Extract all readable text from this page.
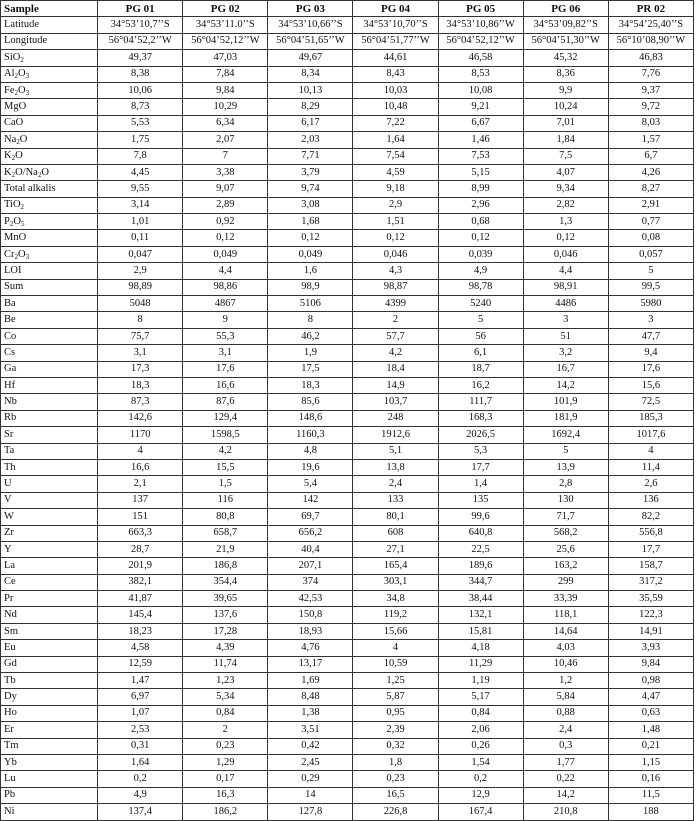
Sample	PG 01	PG 02	PG 03	PG 04	PG 05	PG 06	PR 02
Latitude	34°53’10,7’’S	34°53’11.0’’S	34°53’10,66’’S	34°53’10,70’’S	34°53’10,86’’W	34°53’09,82’’S	34°54’25,40’’S
Longitude	56°04’52,2’’W	56°04’52,12’’W	56°04’51,65’’W	56°04’51,77’’W	56°04’52,12’’W	56°04’51,30’’W	56°10’08,90’’W
SiO$_2$	49,37	47,03	49,67	44,61	46,58	45,32	46,83
$Al_2O_3$	8,38	7,84	8,34	8,43	8,53	8,36	7,76
$Fe_2O_3$	10,06	9,84	10,13	10,03	10,08	9,9	9,37
MgO	8,73	10,29	8,29	10,48	9,21	10,24	9,72
CaO	5,53	6,34	6,17	7,22	6,67	7,01	8,03
$Na_2O$	1,75	2,07	2,03	1,64	1,46	1,84	1,57
$K_2O$	7,8	7	7,71	7,54	7,53	7,5	6,7
$K_2O/Na_2O$	4,45	3,38	3,79	4,59	5,15	4,07	4,26
Total alkalis	9,55	9,07	9,74	9,18	8,99	9,34	8,27
TiO$_2$	3,14	2,89	3,08	2,9	2,96	2,82	2,91
$P_2O_5$	1,01	0,92	1,68	1,51	0,68	1,3	0,77
MnO	0,11	0,12	0,12	0,12	0,12	0,12	0,08
$Cr_2O_3$	0,047	0,049	0,049	0,046	0,039	0,046	0,057
LOI	2,9	4,4	1,6	4,3	4,9	4,4	5
Sum	98,89	98,86	98,9	98,87	98,78	98,91	99,5
Ba	5048	4867	5106	4399	5240	4486	5980
Be	8	9	8	2	5	3	3
Co	75,7	55,3	46,2	57,7	56	51	47,7
Cs	3,1	3,1	1,9	4,2	6,1	3,2	9,4
Ga	17,3	17,6	17,5	18,4	18,7	16,7	17,6
Hf	18,3	16,6	18,3	14,9	16,2	14,2	15,6
Nb	87,3	87,6	85,6	103,7	111,7	101,9	72,5
Rb	142,6	129,4	148,6	248	168,3	181,9	185,3
Sr	1170	1598,5	1160,3	1912,6	2026,5	1692,4	1017,6
Ta	4	4,2	4,8	5,1	5,3	5	4
Th	16,6	15,5	19,6	13,8	17,7	13,9	11,4
U	2,1	1,5	5,4	2,4	1,4	2,8	2,6
V	137	116	142	133	135	130	136
W	151	80,8	69,7	80,1	99,6	71,7	82,2
Zr	663,3	658,7	656,2	608	640,8	568,2	556,8
Y	28,7	21,9	40,4	27,1	22,5	25,6	17,7
La	201,9	186,8	207,1	165,4	189,6	163,2	158,7
Ce	382,1	354,4	374	303,1	344,7	299	317,2
Pr	41,87	39,65	42,53	34,8	38,44	33,39	35,59
Nd	145,4	137,6	150,8	119,2	132,1	118,1	122,3
Sm	18,23	17,28	18,93	15,66	15,81	14,64	14,91
Eu	4,58	4,39	4,76	4	4,18	4,03	3,93
Gd	12,59	11,74	13,17	10,59	11,29	10,46	9,84
Tb	1,47	1,23	1,69	1,25	1,19	1,2	0,98
Dy	6,97	5,34	8,48	5,87	5,17	5,84	4,47
Ho	1,07	0,84	1,38	0,95	0,84	0,88	0,63
Er	2,53	2	3,51	2,39	2,06	2,4	1,48
Tm	0,31	0,23	0,42	0,32	0,26	0,3	0,21
Yb	1,64	1,29	2,45	1,8	1,54	1,77	1,15
Lu	0,2	0,17	0,29	0,23	0,2	0,22	0,16
Pb	4,9	16,3	14	16,5	12,9	14,2	11,5
Ni	137,4	186,2	127,8	226,8	167,4	210,8	188
